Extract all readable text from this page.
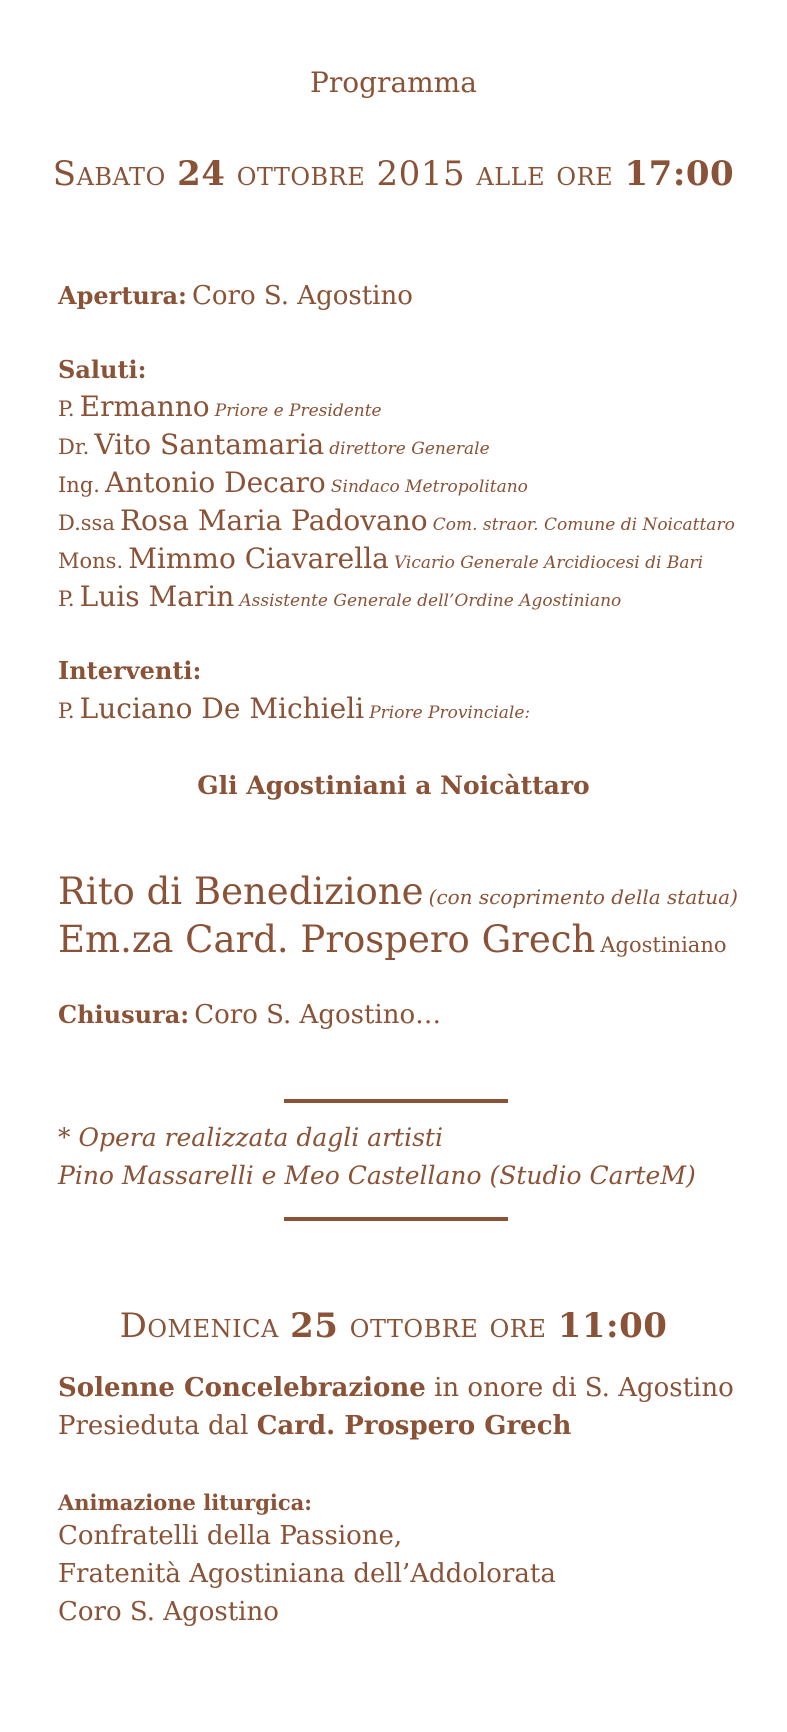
Programma
Sabato 24 ottobre 2015 alle ore 17:00
Apertura: Coro S. Agostino
Saluti:
P. Ermanno Priore e Presidente
Dr. Vito Santamaria direttore Generale
Ing. Antonio Decaro Sindaco Metropolitano
D.ssa Rosa Maria Padovano Com. straor. Comune di Noicattaro
Mons. Mimmo Ciavarella Vicario Generale Arcidiocesi di Bari
P. Luis Marin Assistente Generale dell’Ordine Agostiniano
Interventi:
P. Luciano De Michieli Priore Provinciale:
Gli Agostiniani a Noicàttaro
Rito di Benedizione (con scoprimento della statua)
Em.za Card. Prospero Grech Agostiniano
Chiusura: Coro S. Agostino…
* Opera realizzata dagli artisti
Pino Massarelli e Meo Castellano (Studio CarteM)
Domenica 25 ottobre ore 11:00
Solenne Concelebrazione in onore di S. Agostino
Presieduta dal Card. Prospero Grech
Animazione liturgica:
Confratelli della Passione,
Fratenità Agostiniana dell’Addolorata
Coro S. Agostino
